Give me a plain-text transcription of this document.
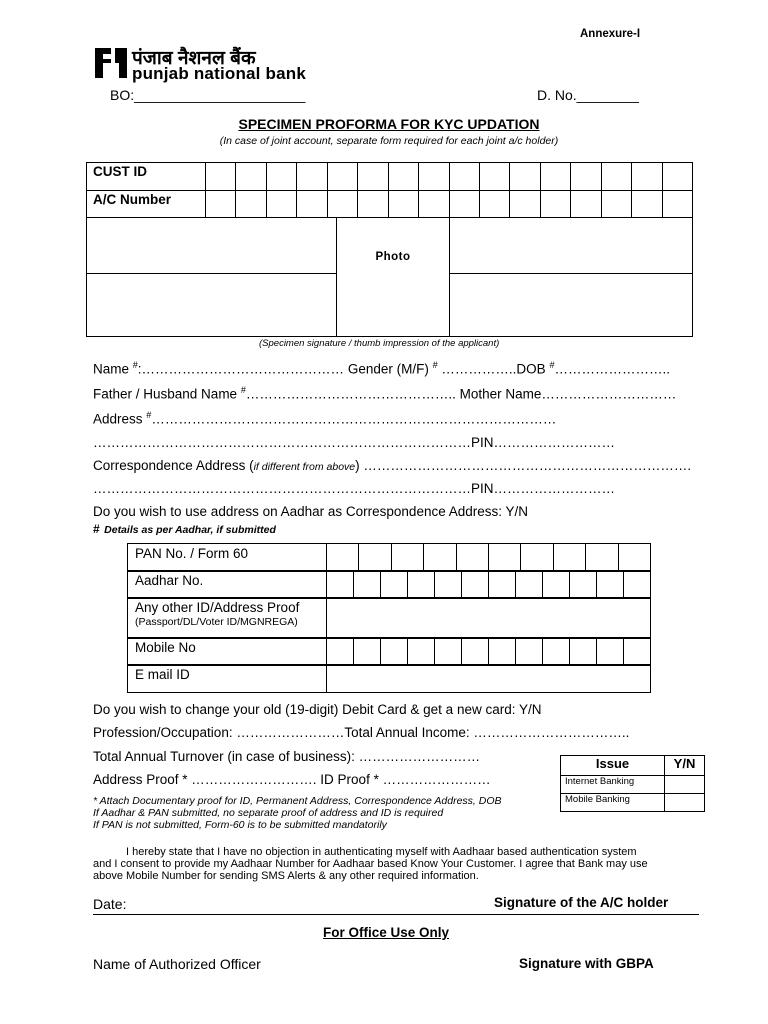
Annexure-I
पंजाब नैशनल बैंक
punjab national bank
BO:______________________	D. No.________
SPECIMEN PROFORMA FOR KYC UPDATION
(In case of joint account, separate form required for each joint a/c holder)
CUST ID																
A/C Number																

	Photo	

(Specimen signature / thumb impression of the applicant)
Name #:……………………………………… Gender (M/F) # ……………..DOB #……………………..
Father / Husband Name #……………………………………….. Mother Name…………………………
Address #………………………………………………………………………………
…………………………………………………………………………PIN………………………
Correspondence Address (if different from above) ……………………………………………………………….
…………………………………………………………………………PIN………………………
Do you wish to use address on Aadhar as Correspondence Address: Y/N
# Details as per Aadhar, if submitted
PAN No. / Form 60										
Aadhar No.												
Any other ID/Address Proof
(Passport/DL/Voter ID/MGNREGA)

Mobile No												
E mail ID	
Do you wish to change your old (19-digit) Debit Card & get a new card: Y/N
Profession/Occupation: ……………………Total Annual Income: ……………………………..
Total Annual Turnover (in case of business): ………………………
Address Proof * ………………………. ID Proof * ……………………
* Attach Documentary proof for ID, Permanent Address, Correspondence Address, DOB
If Aadhar & PAN submitted, no separate proof of address and ID is required
If PAN is not submitted, Form-60 is to be submitted mandatorily
Issue	Y/N
Internet Banking	
Mobile Banking	
I hereby state that I have no objection in authenticating myself with Aadhaar based authentication system
and I consent to provide my Aadhaar Number for Aadhaar based Know Your Customer. I agree that Bank may use
above Mobile Number for sending SMS Alerts & any other required information.
Date:	Signature of the A/C holder
For Office Use Only
Name of Authorized Officer	Signature with GBPA
